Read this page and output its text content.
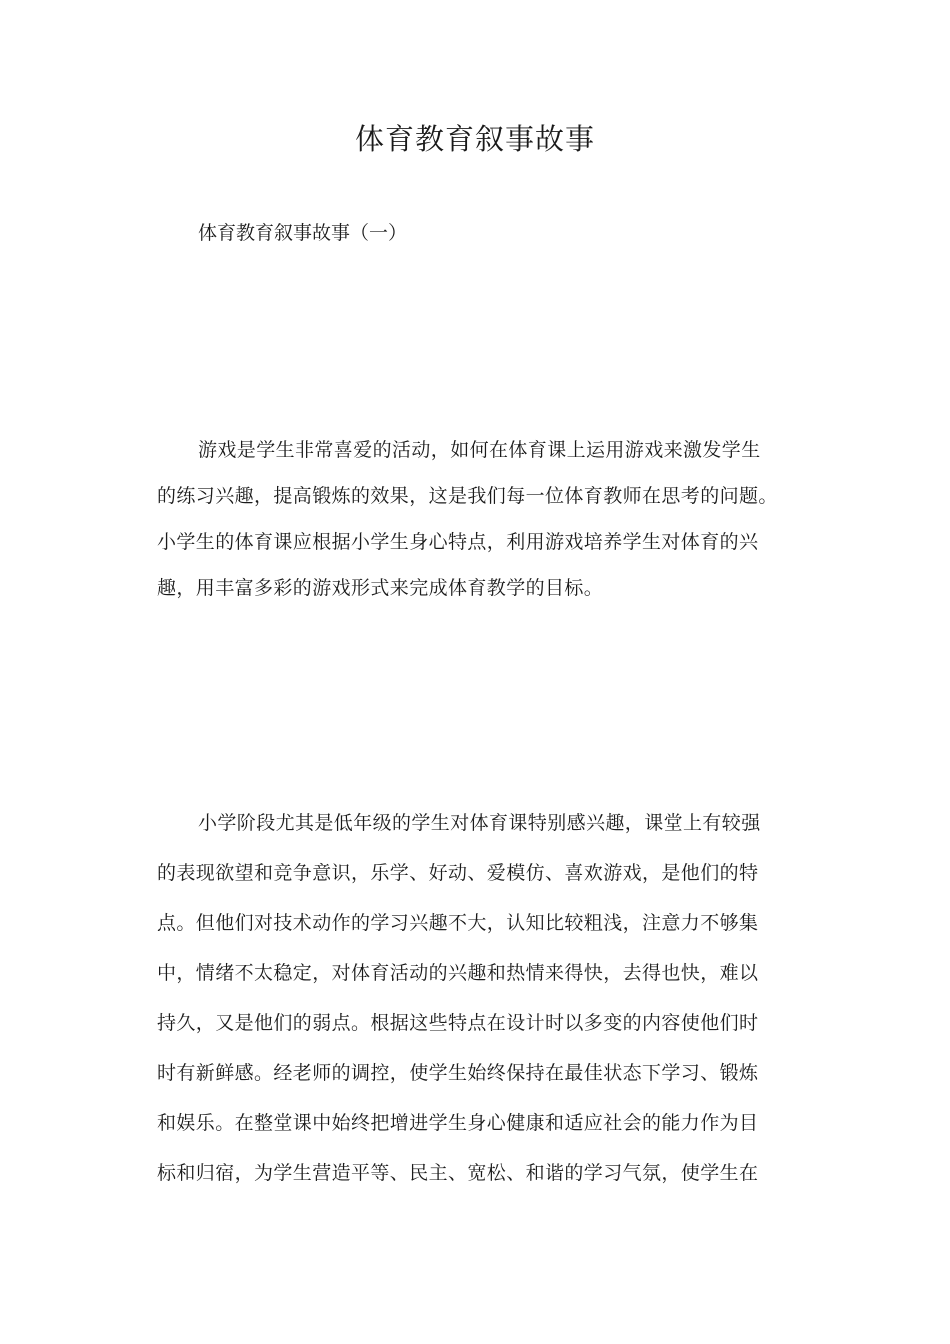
体育教育叙事故事

体育教育叙事故事（一）

游戏是学生非常喜爱的活动，如何在体育课上运用游戏来激发学生
的练习兴趣，提高锻炼的效果，这是我们每一位体育教师在思考的问题。
小学生的体育课应根据小学生身心特点，利用游戏培养学生对体育的兴
趣，用丰富多彩的游戏形式来完成体育教学的目标。
小学阶段尤其是低年级的学生对体育课特别感兴趣，课堂上有较强
的表现欲望和竞争意识，乐学、好动、爱模仿、喜欢游戏，是他们的特
点。但他们对技术动作的学习兴趣不大，认知比较粗浅，注意力不够集
中，情绪不太稳定，对体育活动的兴趣和热情来得快，去得也快，难以
持久，又是他们的弱点。根据这些特点在设计时以多变的内容使他们时
时有新鲜感。经老师的调控，使学生始终保持在最佳状态下学习、锻炼
和娱乐。在整堂课中始终把增进学生身心健康和适应社会的能力作为目
标和归宿，为学生营造平等、民主、宽松、和谐的学习气氛，使学生在
